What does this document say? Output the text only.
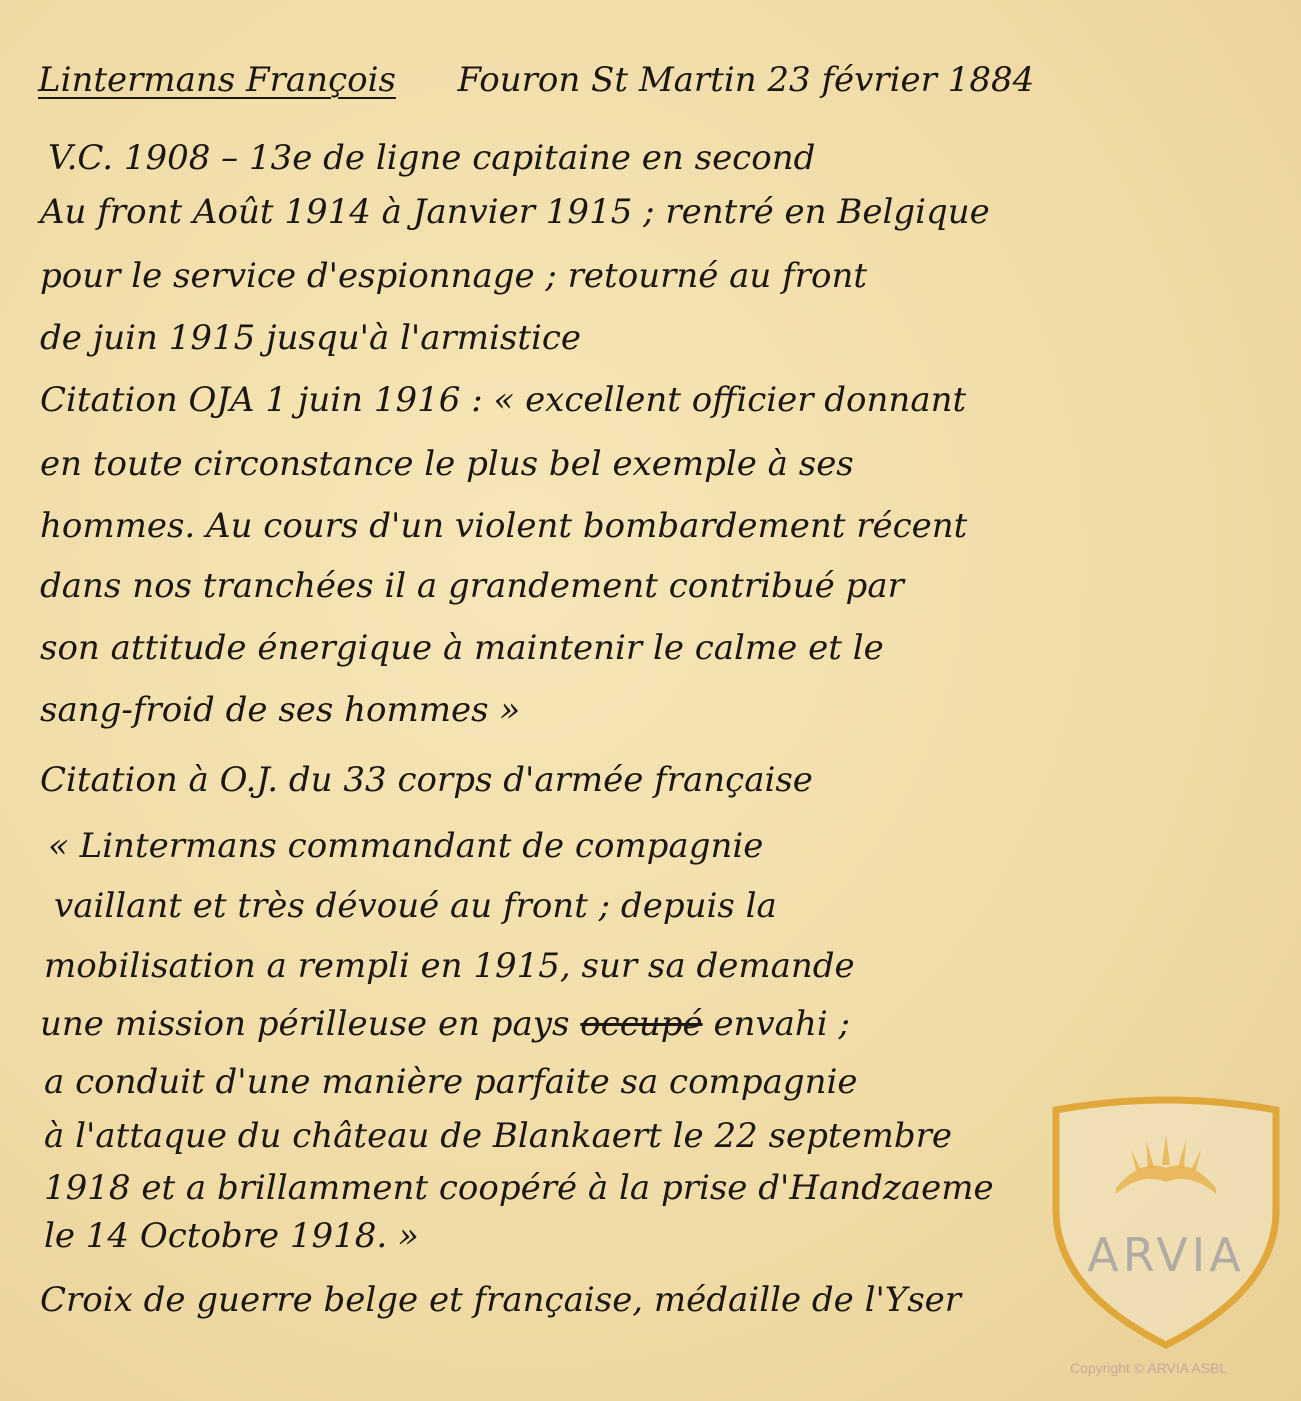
Lintermans François Fouron St Martin 23 février 1884
V.C. 1908 – 13e de ligne capitaine en second
Au front Août 1914 à Janvier 1915 ; rentré en Belgique
pour le service d'espionnage ; retourné au front
de juin 1915 jusqu'à l'armistice
Citation OJA 1 juin 1916 : « excellent officier donnant
en toute circonstance le plus bel exemple à ses
hommes. Au cours d'un violent bombardement récent
dans nos tranchées il a grandement contribué par
son attitude énergique à maintenir le calme et le
sang-froid de ses hommes »
Citation à O.J. du 33 corps d'armée française
« Lintermans commandant de compagnie
vaillant et très dévoué au front ; depuis la
mobilisation a rempli en 1915, sur sa demande
une mission périlleuse en pays occupé envahi ;
a conduit d'une manière parfaite sa compagnie
à l'attaque du château de Blankaert le 22 septembre
1918 et a brillamment coopéré à la prise d'Handzaeme
le 14 Octobre 1918. »
Croix de guerre belge et française, médaille de l'Yser
ARVIA
Copyright © ARVIA ASBL
